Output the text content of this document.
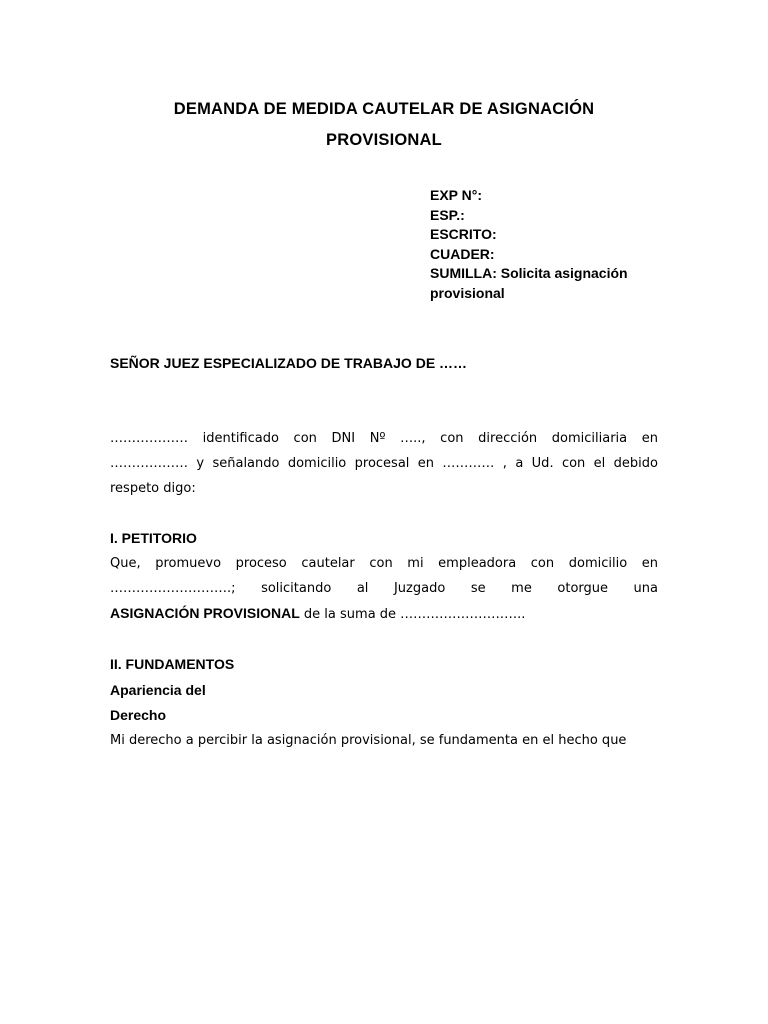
DEMANDA DE MEDIDA CAUTELAR DE ASIGNACIÓN
PROVISIONAL
EXP N°:
ESP.:
ESCRITO:
CUADER:
SUMILLA: Solicita asignación
provisional
SEÑOR JUEZ ESPECIALIZADO DE TRABAJO DE ……
……………… identificado con DNI Nº ….., con dirección domiciliaria en
……………… y señalando domicilio procesal en ………… , a Ud. con el debido
respeto digo:
I. PETITORIO
Que, promuevo proceso cautelar con mi empleadora con domicilio en
……………………….; solicitando al Juzgado se me otorgue una
ASIGNACIÓN PROVISIONAL de la suma de ………………………..
II. FUNDAMENTOS
Apariencia del
Derecho
Mi derecho a percibir la asignación provisional, se fundamenta en el hecho que
